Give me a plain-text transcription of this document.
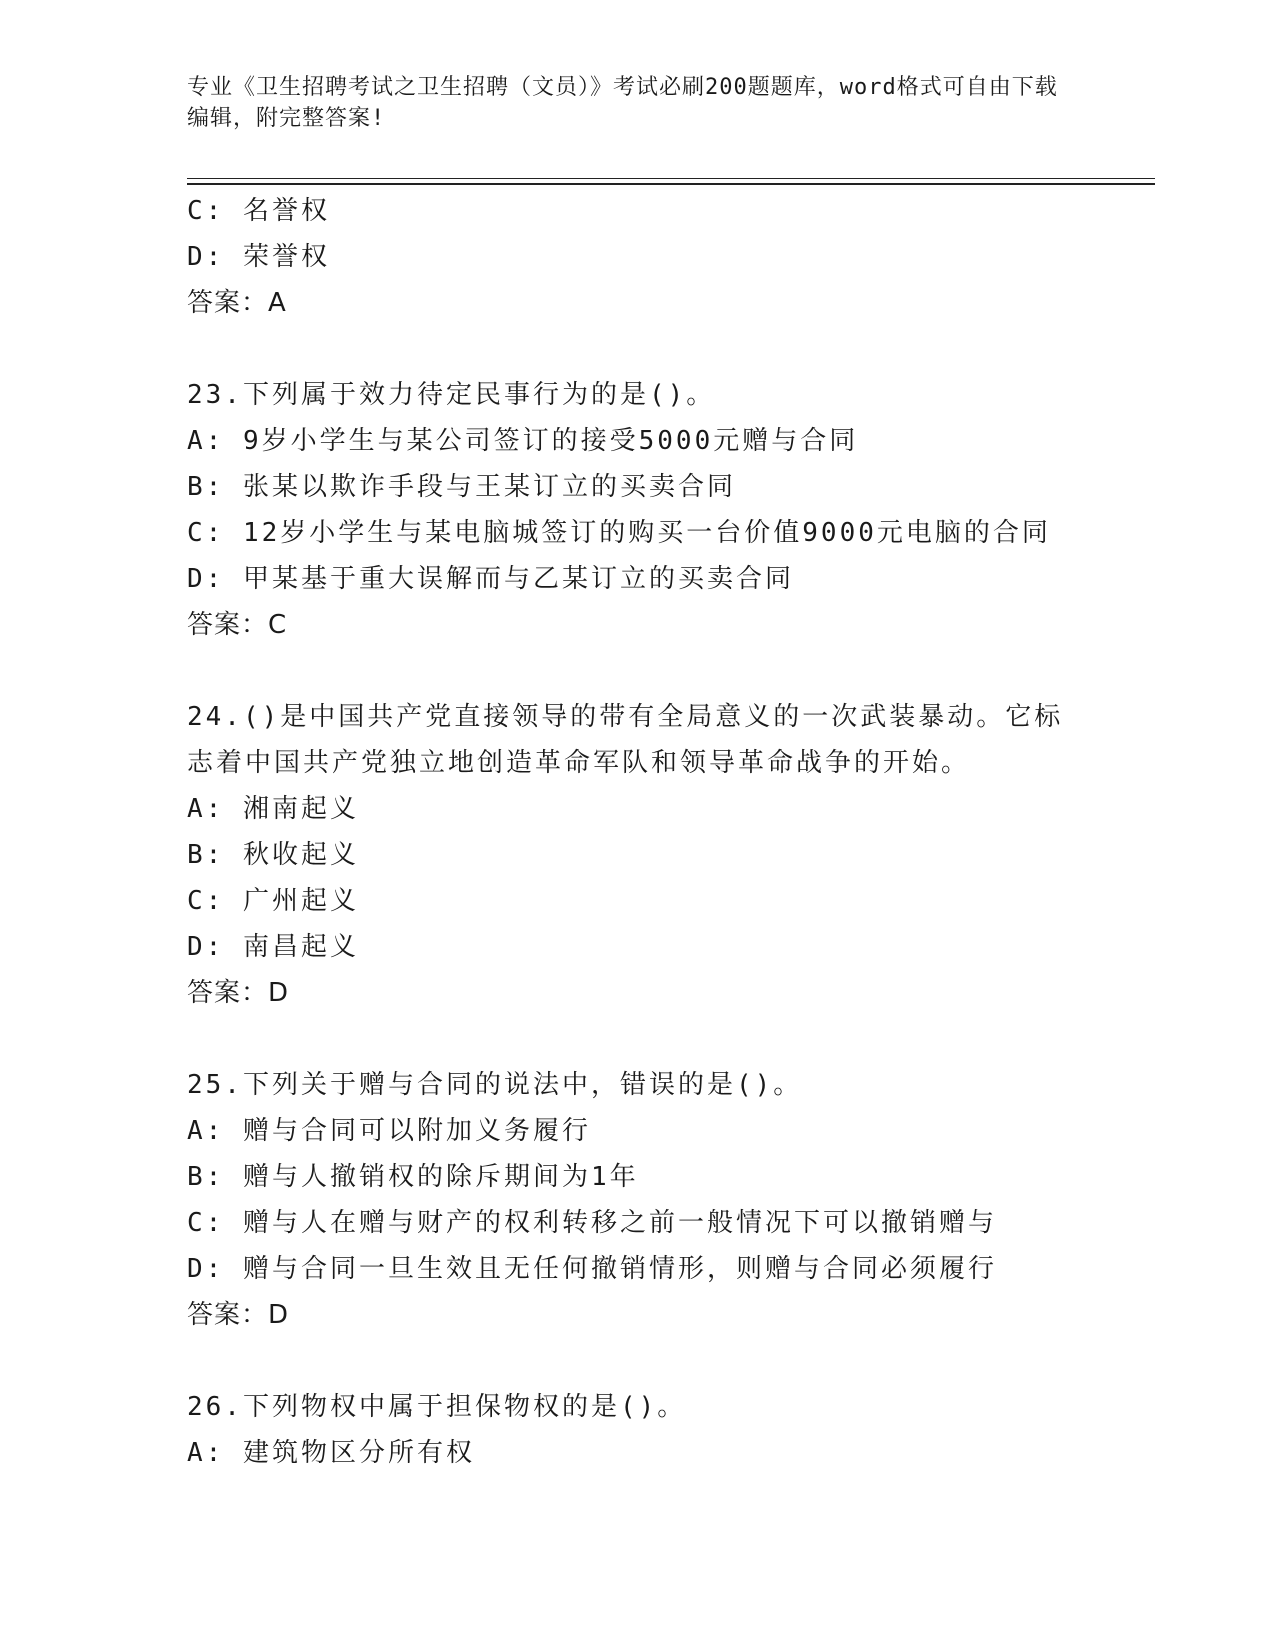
专业《卫生招聘考试之卫生招聘（文员）》考试必刷200题题库，word格式可自由下载编辑，附完整答案!
C: 名誉权
D: 荣誉权
答案：A
23.下列属于效力待定民事行为的是()。
A: 9岁小学生与某公司签订的接受5000元赠与合同
B: 张某以欺诈手段与王某订立的买卖合同
C: 12岁小学生与某电脑城签订的购买一台价值9000元电脑的合同
D: 甲某基于重大误解而与乙某订立的买卖合同
答案：C
24.()是中国共产党直接领导的带有全局意义的一次武装暴动。它标志着中国共产党独立地创造革命军队和领导革命战争的开始。
A: 湘南起义
B: 秋收起义
C: 广州起义
D: 南昌起义
答案：D
25.下列关于赠与合同的说法中，错误的是()。
A: 赠与合同可以附加义务履行
B: 赠与人撤销权的除斥期间为1年
C: 赠与人在赠与财产的权利转移之前一般情况下可以撤销赠与
D: 赠与合同一旦生效且无任何撤销情形，则赠与合同必须履行
答案：D
26.下列物权中属于担保物权的是()。
A: 建筑物区分所有权
